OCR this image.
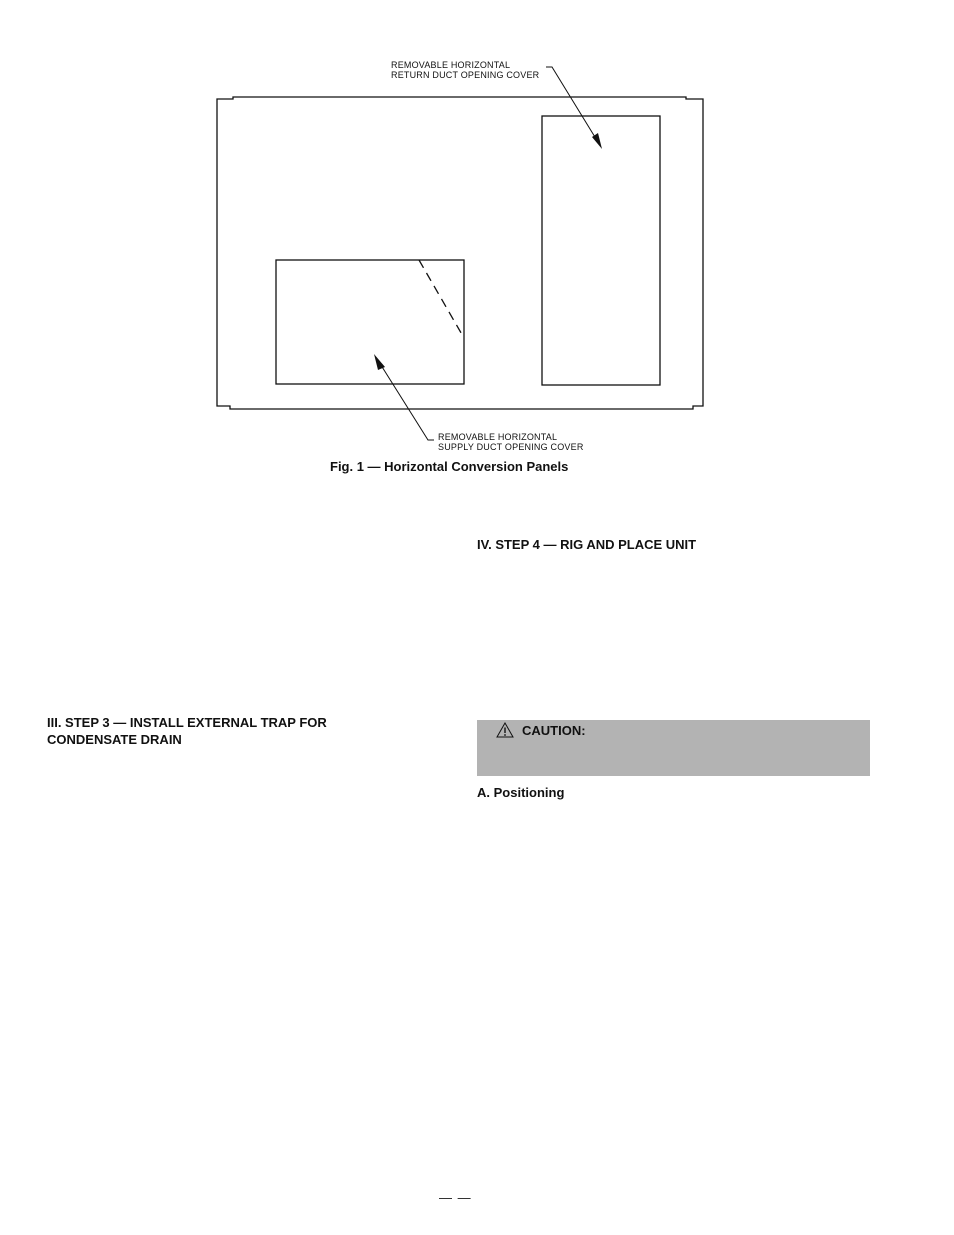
REMOVABLE HORIZONTAL
RETURN DUCT OPENING COVER
REMOVABLE HORIZONTAL
SUPPLY DUCT OPENING COVER
Fig. 1 — Horizontal Conversion Panels
IV. STEP 4 — RIG AND PLACE UNIT
III. STEP 3 — INSTALL EXTERNAL TRAP FOR
CONDENSATE DRAIN
CAUTION:
A. Positioning
— —
